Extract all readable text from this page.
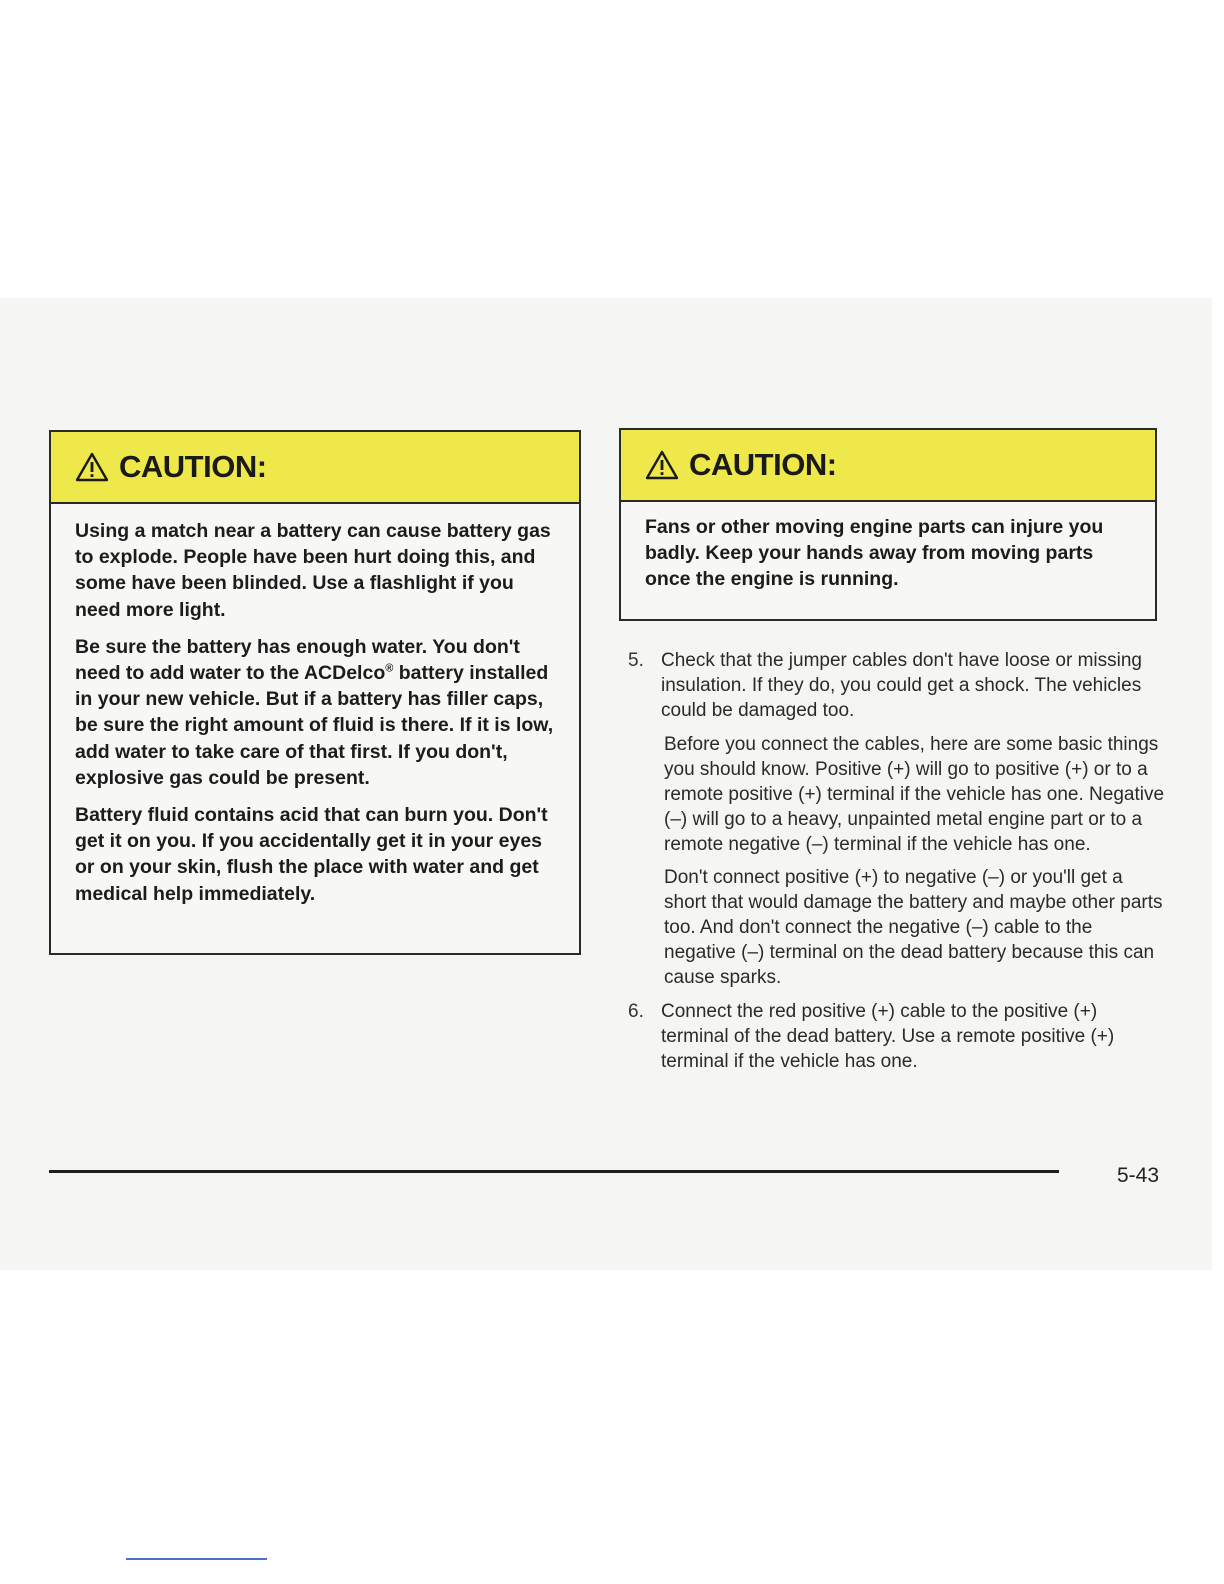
CAUTION:

Using a match near a battery can cause battery gas to explode. People have been hurt doing this, and some have been blinded. Use a flashlight if you need more light.

Be sure the battery has enough water. You don't need to add water to the ACDelco® battery installed in your new vehicle. But if a battery has filler caps, be sure the right amount of fluid is there. If it is low, add water to take care of that first. If you don't, explosive gas could be present.

Battery fluid contains acid that can burn you. Don't get it on you. If you accidentally get it in your eyes or on your skin, flush the place with water and get medical help immediately.

CAUTION:

Fans or other moving engine parts can injure you badly. Keep your hands away from moving parts once the engine is running.

5. Check that the jumper cables don't have loose or missing insulation. If they do, you could get a shock. The vehicles could be damaged too.

Before you connect the cables, here are some basic things you should know. Positive (+) will go to positive (+) or to a remote positive (+) terminal if the vehicle has one. Negative (–) will go to a heavy, unpainted metal engine part or to a remote negative (–) terminal if the vehicle has one.

Don't connect positive (+) to negative (–) or you'll get a short that would damage the battery and maybe other parts too. And don't connect the negative (–) cable to the negative (–) terminal on the dead battery because this can cause sparks.

6. Connect the red positive (+) cable to the positive (+) terminal of the dead battery. Use a remote positive (+) terminal if the vehicle has one.

5-43
